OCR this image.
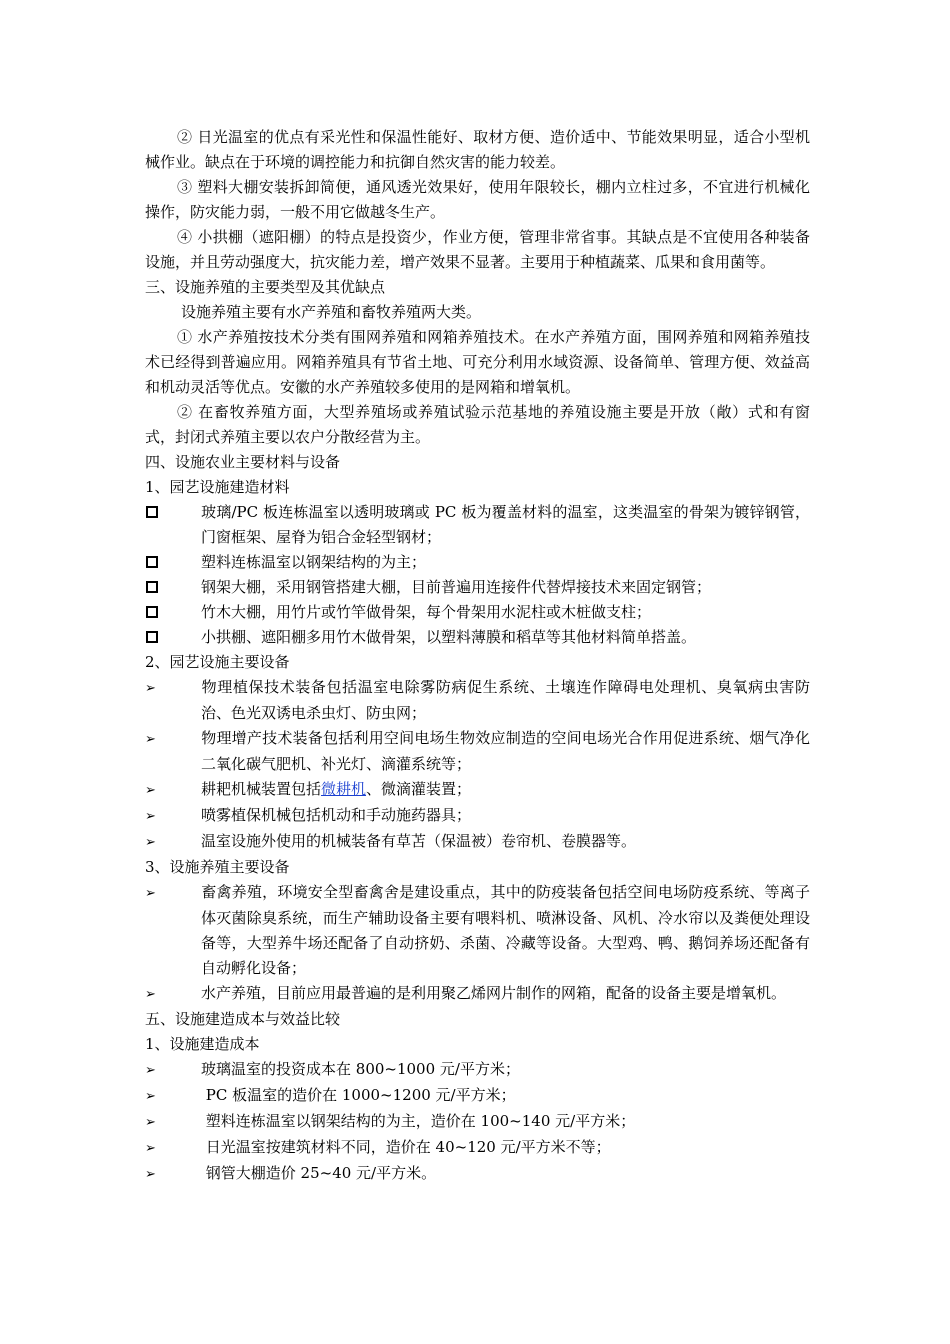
② 日光温室的优点有采光性和保温性能好、取材方便、造价适中、节能效果明显，适合小型机械作业。缺点在于环境的调控能力和抗御自然灾害的能力较差。

③ 塑料大棚安装拆卸简便，通风透光效果好，使用年限较长，棚内立柱过多，不宜进行机械化操作，防灾能力弱，一般不用它做越冬生产。

④ 小拱棚（遮阳棚）的特点是投资少，作业方便，管理非常省事。其缺点是不宜使用各种装备设施，并且劳动强度大，抗灾能力差，增产效果不显著。主要用于种植蔬菜、瓜果和食用菌等。

三、设施养殖的主要类型及其优缺点

设施养殖主要有水产养殖和畜牧养殖两大类。

① 水产养殖按技术分类有围网养殖和网箱养殖技术。在水产养殖方面，围网养殖和网箱养殖技术已经得到普遍应用。网箱养殖具有节省土地、可充分利用水域资源、设备简单、管理方便、效益高和机动灵活等优点。安徽的水产养殖较多使用的是网箱和增氧机。

② 在畜牧养殖方面，大型养殖场或养殖试验示范基地的养殖设施主要是开放（敞）式和有窗式，封闭式养殖主要以农户分散经营为主。

四、设施农业主要材料与设备

1、园艺设施建造材料

玻璃/PC 板连栋温室以透明玻璃或 PC 板为覆盖材料的温室，这类温室的骨架为镀锌钢管，门窗框架、屋脊为铝合金轻型钢材；

塑料连栋温室以钢架结构的为主；

钢架大棚，采用钢管搭建大棚，目前普遍用连接件代替焊接技术来固定钢管；

竹木大棚，用竹片或竹竿做骨架，每个骨架用水泥柱或木桩做支柱；

小拱棚、遮阳棚多用竹木做骨架，以塑料薄膜和稻草等其他材料简单搭盖。

2、园艺设施主要设备

➢	物理植保技术装备包括温室电除雾防病促生系统、土壤连作障碍电处理机、臭氧病虫害防治、色光双诱电杀虫灯、防虫网；

➢	物理增产技术装备包括利用空间电场生物效应制造的空间电场光合作用促进系统、烟气净化二氧化碳气肥机、补光灯、滴灌系统等；

➢	耕耙机械装置包括微耕机、微滴灌装置；

➢	喷雾植保机械包括机动和手动施药器具；

➢	温室设施外使用的机械装备有草苫（保温被）卷帘机、卷膜器等。

3、设施养殖主要设备

➢	畜禽养殖，环境安全型畜禽舍是建设重点，其中的防疫装备包括空间电场防疫系统、等离子体灭菌除臭系统，而生产辅助设备主要有喂料机、喷淋设备、风机、冷水帘以及粪便处理设备等，大型养牛场还配备了自动挤奶、杀菌、冷藏等设备。大型鸡、鸭、鹅饲养场还配备有自动孵化设备；

➢	水产养殖，目前应用最普遍的是利用聚乙烯网片制作的网箱，配备的设备主要是增氧机。

五、设施建造成本与效益比较

1、设施建造成本

➢	玻璃温室的投资成本在 800~1000 元/平方米；

➢	PC 板温室的造价在 1000~1200 元/平方米；

➢	塑料连栋温室以钢架结构的为主，造价在 100~140 元/平方米；

➢	日光温室按建筑材料不同，造价在 40~120 元/平方米不等；

➢	钢管大棚造价 25~40 元/平方米。
